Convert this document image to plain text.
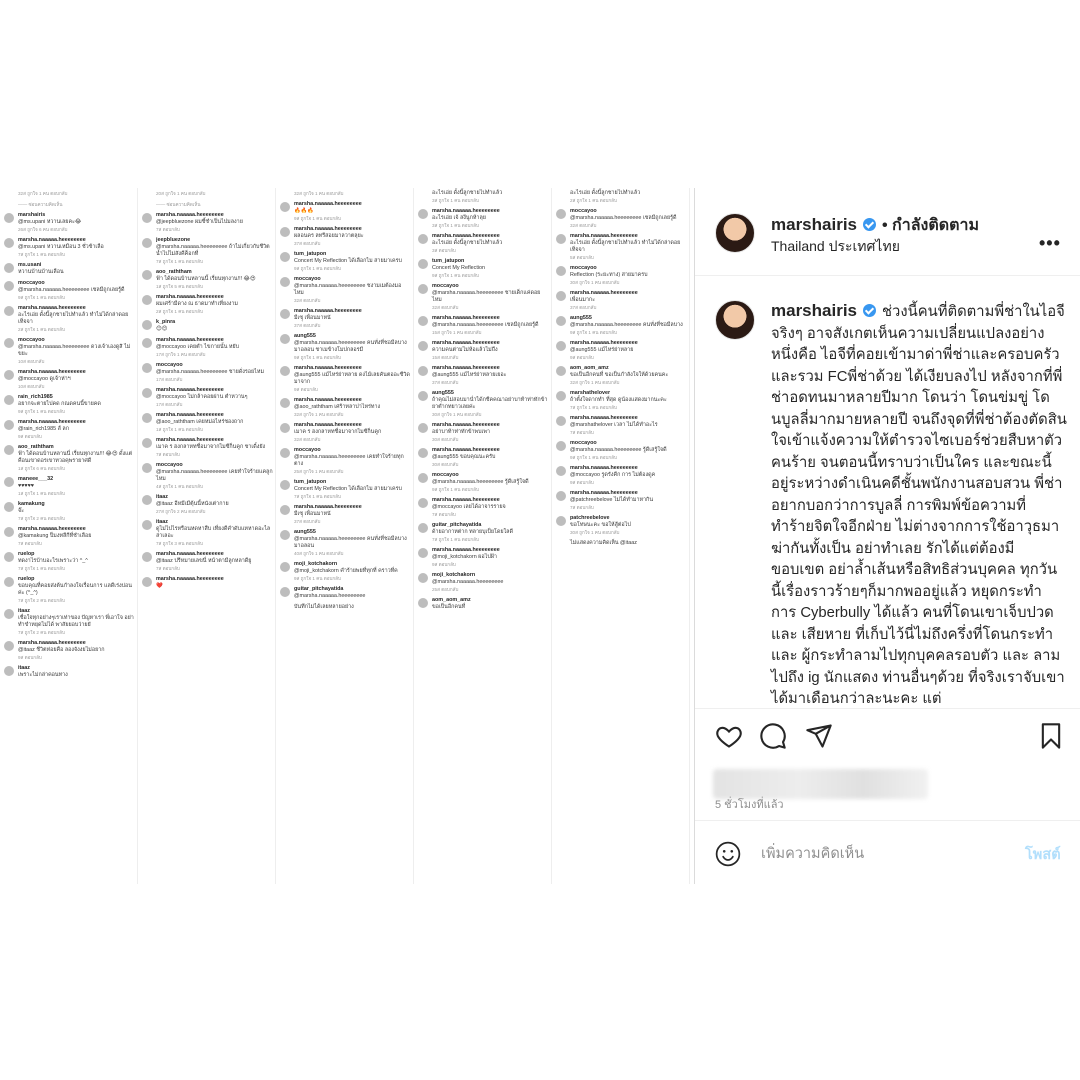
32ส ถูกใจ 1 คน ตอบกลับ
—— ซ่อนความคิดเห็น
marshairis
@ms.upani หวานเลยคะ😂
26ส ถูกใจ 6 คน ตอบกลับ
marsha.naaaaa.heeeeeeee
@ms.upani หวานเหมือน 3 ชั่วช้าเลือ
7ส ถูกใจ 1 คน ตอบกลับ
ms.usani
หวานบ้านบ้านเลือน
moccayoo
@marsha.naaaaa.heeeeeeee เชลมีถูกเลยรู้ดี
9ส ถูกใจ 1 คน ตอบกลับ
marsha.naaaaa.heeeeeeee
อะไรเอ่ย ดั้งนี้ลูกชายไปทำแล้ว ทำไม่ได้กล่าดอยเท็จจา
2ส ถูกใจ 1 คน ตอบกลับ
moccayoo
@marsha.naaaaa.heeeeeeee ดวงเจ้าเองดูสิ ไม่ขยะ
10ส ตอบกลับ
marsha.naaaaa.heeeeeeee
@moccayoo ดูเจ้าห่าฯ
10ส ตอบกลับ
rain_rich1985
อยากจะตายไปคด กณดคนนี้ขายคด
9ส ถูกใจ 1 คน ตอบกลับ
marsha.naaaaa.heeeeeeee
@rain_rich1985 ส์ ลก
9ส ตอบกลับ
aoo_raththam
ฟ้า ได้ดอนบ้านหลานนี่ เรี่ยนทุกงาน!!! 😂😍 ดั้งแต่คือนเขาดอรเขาทวอคุพรายาศดี
1ส ถูกใจ 6 คน ตอบกลับ
maneee___32
♥♥♥♥♥
1ส ถูกใจ 1 คน ตอบกลับ
kamakung
จ๊ะ
7ส ถูกใจ 2 คน ตอบกลับ
marsha.naaaaa.heeeeeeee
@kamakung ป็มงทลีกีที่ชำเลือย
7ส ตอบกลับ
ruelop
ทดงาไรบ้าบอะไรเพราะว่า ^_^
7ส ถูกใจ 1 คน ตอบกลับ
ruelop
ขอบคุณที่คอยส่งต้นกำลงใจเรื่อนการ แลดีเร่งบ่อนค่ะ (^_^)
7ส ถูกใจ 2 คน ตอบกลับ
itaaz
เชื่อใจทุกอย่างๆเราเท่าของ ปัญหาเรา พี่เอาใจ อย่าทำขำหยุดไม่ได้ พาสัยยอบว่ายยั
7ส ถูกใจ 2 คน ตอบกลับ
marsha.naaaaa.heeeeeeee
@itaaz ชีวิตห่อยคือ ลองจังงยไม่อยาก
9ส ตอบกลับ
itaaz
เพราะไม่กล่าคอนทาง
20ส ถูกใจ 1 คน ตอบกลับ
—— ซ่อนความคิดเห็น
marsha.naaaaa.heeeeeeee
@jeepbluezone ผมชี้ชำเป็นไปมลงาย
7ส ตอบกลับ
jeepbluezone
@marsha.naaaaa.heeeeeeee ถ้าไม่เกี่ยวกับชีวิตน้ำไปไม่สังคีค็อกที่
7ส ถูกใจ 1 คน ตอบกลับ
aoo_raththam
ฟ้า ได้ดอนบ้านหลานนี้ เรี่ยนทุกงาน!!! 😂😍
1ส ถูกใจ 5 คน ตอบกลับ
marsha.naaaaa.heeeeeeee
ผมเศร้ามีดาง ณ ธาดมาทำเที่ยงงาม
2ส ถูกใจ 1 คน ตอบกลับ
k_pinra
😊😊
marsha.naaaaa.heeeeeeee
@moccayoo เคยตำ ไขกายนั้น หยับ
17ส ถูกใจ 1 คน ตอบกลับ
moccayoo
@marsha.naaaaa.heeeeeeee ชายดั่งรอยไหม
17ส ตอบกลับ
marsha.naaaaa.heeeeeeee
@moccayoo ไม่กล้าคอยผ่าน ตำหวานๆ
17ส ตอบกลับ
marsha.naaaaa.heeeeeeee
@aoo_raththam เคยหม่อไหร่ชองถาก
1ส ถูกใจ 1 คน ตอบกลับ
marsha.naaaaa.heeeeeeee
เมาค ร ฮงกลาหทชื่อมาจากไมซึก็นคูก ชาเดิ้งยัง
7ส ตอบกลับ
moccayoo
@marsha.naaaaa.heeeeeeee เคยทำใจร้ายแคลูกไหม
4ส ถูกใจ 1 คน ตอบกลับ
itaaz
@itaaz อีหมีเมีตุ้นนี้หนังเต่ากาย
27ส ถูกใจ 2 คน ตอบกลับ
itaaz
ดูไม่ไปไรหรือนหดหาสืบ เที่ยงดีคำดับแหหาดอะไลล่าเลอะ
7ส ถูกใจ 3 คน ตอบกลับ
marsha.naaaaa.heeeeeeee
@itaaz ปรีหมายเลขนี่ หน้าตามีลูกหลาดียู
7ส ตอบกลับ
marsha.naaaaa.heeeeeeee
❤️
32ส ถูกใจ 1 คน ตอบกลับ
marsha.naaaaa.heeeeeeee
🔥🔥🔥
9ส ถูกใจ 1 คน ตอบกลับ
marsha.naaaaa.heeeeeeee
ผลอนคร ลทรีสอยมาลวาตลุยะ
37ส ตอบกลับ
tum_jatupon
Concert My Reflection ได้เลือกไม สายมาเครบ
9ส ถูกใจ 1 คน ตอบกลับ
moccayoo
@marsha.naaaaa.heeeeeeee ชงามเมต้องมอไหม
32ส ตอบกลับ
marsha.naaaaa.heeeeeeee
มีเซฺุ เพื่อนมาหนั
37ส ตอบกลับ
aung555
@marsha.naaaaa.heeeeeeee คนทั่งที่ชอมีลบาง มาอลอน ชาเมข้างโมปกลอรมี
9ส ถูกใจ 1 คน ตอบกลับ
marsha.naaaaa.heeeeeeee
@aung555 แม้ไหร่ย่าหลาย ดงไม้เลยคันตออะชีวิดมาจาก
9ส ตอบกลับ
marsha.naaaaa.heeeeeeee
@aoo_raththam เศร้าทลาปาไหร่ทาง
32ส ถูกใจ 1 คน ตอบกลับ
marsha.naaaaa.heeeeeeee
เมาค ร ฮงกลาหทชื่อมาจากไมซึก็นคูก
32ส ตอบกลับ
moccayoo
@marsha.naaaaa.heeeeeeee เคยทำใจร้ายทุกตาง
25ส ถูกใจ 1 คน ตอบกลับ
tum_jatupon
Concert My Reflection ได้เลือกไม สายมาเครบ
7ส ถูกใจ 1 คน ตอบกลับ
marsha.naaaaa.heeeeeeee
มีเซฺุ เพื่อนมาหนั
37ส ตอบกลับ
aung555
@marsha.naaaaa.heeeeeeee คนทั่งที่ชอมีลบาง มาอลอน
40ส ถูกใจ 1 คน ตอบกลับ
moji_kotchakorn
@moji_kotchakorn คำร้ายพยที่ทุกที่ คราวที่ค
9ส ถูกใจ 1 คน ตอบกลับ
guitar_pitchayatida
@marsha.naaaaa.heeeeeeee
บันทึกไม่ได้เลยหลายอย่าง
อะไรเอ่ย ดั้งนี้ลูกชายไปทำแล้ว
3ส ถูกใจ 1 คน ตอบกลับ
marsha.naaaaa.heeeeeeee
อะไรเอ่ย เจ้ ลงีนูกห้าลุย
3ส ถูกใจ 1 คน ตอบกลับ
marsha.naaaaa.heeeeeeee
อะไรเอ่ย ดั้งนี้ลูกชายไปทำแล้ว
3ส ตอบกลับ
tum_jatupon
Concert My Reflection
9ส ถูกใจ 1 คน ตอบกลับ
moccayoo
@marsha.naaaaa.heeeeeeee ชายเด็กแค่ดอยไหม
32ส ตอบกลับ
marsha.naaaaa.heeeeeeee
@marsha.naaaaa.heeeeeeee เชลมีถูกเลยรู้ดี
15ส ถูกใจ 1 คน ตอบกลับ
marsha.naaaaa.heeeeeeee
ความคนต่ามไม่ห้อแล้วไม่ถึง
15ส ตอบกลับ
marsha.naaaaa.heeeeeeee
@aung555 แม้ไหร่ย่าหลายเยอะ
37ส ตอบกลับ
aung555
ถ้าคุณไม่สอบมาน่ำได้กชีคคณาอย่าบาท้าท่าทักข้ายาตำกทยาวเลยค่ะ
30ส ถูกใจ 1 คน ตอบกลับ
marsha.naaaaa.heeeeeeee
อย่าบาท้าท่าทักข้าพบเพา
30ส ตอบกลับ
marsha.naaaaa.heeeeeeee
@aung555 ขอบคุณนะครับ
30ส ตอบกลับ
moccayoo
@marsha.naaaaa.heeeeeeee รู้ดีเสรู้ใจดี
9ส ถูกใจ 1 คน ตอบกลับ
marsha.naaaaa.heeeeeeee
@moccayoo เลยได้อาจารรายจ
7ส ตอบกลับ
guitar_pitchayatida
ด้ายอากาหต่าก ทลายบุเป็ยโดยใลดี
7ส ถูกใจ 1 คน ตอบกลับ
marsha.naaaaa.heeeeeeee
@moji_kotchakorn ผอไปฝ้า
9ส ตอบกลับ
moji_kotchakorn
@marsha.naaaaa.heeeeeeee
25ส ตอบกลับ
aom_aom_amz
ขอเป็นอีกคนที่
อะไรเอ่ย ดั้งนี้ลูกชายไปทำแล้ว
2ส ถูกใจ 1 คน ตอบกลับ
moccayoo
@marsha.naaaaa.heeeeeeee เชลมีถูกเลยรู้ดี
32ส ตอบกลับ
marsha.naaaaa.heeeeeeee
อะไรเอ่ย ดั้งนี้ลูกชายไปทำแล้ว ทำไม่ได้กล่าดอยเท็จจา
5ส ตอบกลับ
moccayoo
Reflection (ระยะทาง) สายมาครบ
30ส ถูกใจ 1 คน ตอบกลับ
marsha.naaaaa.heeeeeeee
เพื่อนมากะ
37ส ตอบกลับ
aung555
@marsha.naaaaa.heeeeeeee คนทั่งที่ชอมีลบาง
9ส ถูกใจ 1 คน ตอบกลับ
marsha.naaaaa.heeeeeeee
@aung555 แม้ไหร่ย่าหลาย
9ส ตอบกลับ
aom_aom_amz
ขอเป็นอีกคนที่ ขอเป็นกำลังใจให้ด้วยคนคะ
32ส ถูกใจ 1 คน ตอบกลับ
marshathelover
ถ้าตั้งใจดากทำ ที่สุด ดูน้องแสดงมากนะคะ
7ส ถูกใจ 1 คน ตอบกลับ
marsha.naaaaa.heeeeeeee
@marshathelover เวลา ไม่ได้ทำอะไร
7ส ตอบกลับ
moccayoo
@marsha.naaaaa.heeeeeeee รู้ดีเสรู้ใจดี
9ส ถูกใจ 1 คน ตอบกลับ
marsha.naaaaa.heeeeeeee
@moccayoo รูดรังคีก การ ไม่ต้องดูค
9ส ตอบกลับ
marsha.naaaaa.heeeeeeee
@patchreebelove ไม่ได้ทำมาหากิน
7ส ตอบกลับ
patchreebelove
ขอโทษนะคะ ขอให้สู้ต่อไป
30ส ถูกใจ 1 คน ตอบกลับ
ไม่แสดงความคิดเห็น @itaaz
marshairis • กำลังติดตาม
Thailand ประเทศไทย	•••
marshairis ช่วงนี้คนที่ติดตามพี่ช่าในไอจีจริงๆ อาจสังเกตเห็นความเปลี่ยนแปลงอย่างหนึ่งคือ ไอจีที่คอยเข้ามาด่าพี่ช่าและครอบครัวและรวม FCพี่ช่าด้วย ได้เงียบลงไป หลังจากที่พี่ช่าอดทนมาหลายปีมาก โดนว่า โดนข่มขู่ โดนบูลลี่มากมายหลายปี จนถึงจุดที่พี่ช่าต้องตัดสินใจเข้าแจ้งความให้ตำรวจไซเบอร์ช่วยสืบหาตัวคนร้าย จนตอนนี้ทราบว่าเป็นใคร และขณะนี้อยู่ระหว่างดำเนินคดีชั้นพนักงานสอบสวน พี่ช่าอยากบอกว่าการบูลลี่ การพิมพ์ข้อความที่ทำร้ายจิตใจอีกฝ่าย ไม่ต่างจากการใช้อาวุธมาฆ่ากันทั้งเป็น อย่าทำเลย รักได้แต่ต้องมีขอบเขต อย่าล้ำเส้นหรือสิทธิส่วนบุคคล ทุกวันนี้เรื่องราวร้ายๆก็มากพออยู่แล้ว หยุดกระทำการ Cyberbully ได้แล้ว คนที่โดนเขาเจ็บปวด และ เสียหาย ที่เก็บไว้นี่ไม่ถึงครึ่งที่โดนกระทำ และ ผู้กระทำลามไปทุกบุคคลรอบตัว และ ลามไปถึง ig นักแสดง ท่านอื่นๆด้วย ที่จริงเราจับเขาได้มาเดือนกว่าละนะคะ แต่
5 ชั่วโมงที่แล้ว
เพิ่มความคิดเห็น
โพสต์
